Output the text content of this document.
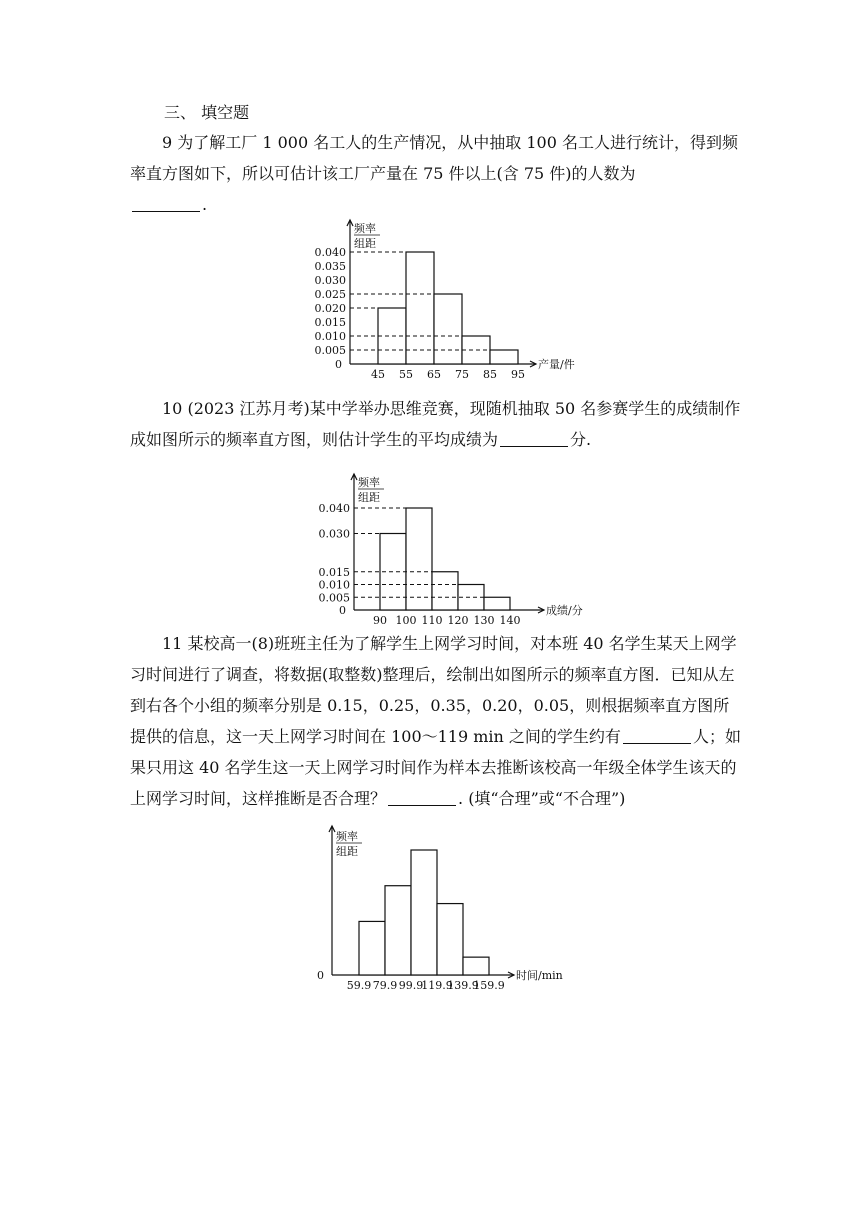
三、 填空题
9 为了解工厂 1 000 名工人的生产情况，从中抽取 100 名工人进行统计，得到频率直方图如下，所以可估计该工厂产量在 75 件以上(含 75 件)的人数为
.
频率
组距
0
0.040
0.035
0.030
0.025
0.020
0.015
0.010
0.005
45 55 65 75 85 95
产量/件
10 (2023 江苏月考)某中学举办思维竞赛，现随机抽取 50 名参赛学生的成绩制作成如图所示的频率直方图，则估计学生的平均成绩为	分.
频率
组距
0
0.040
0.030
0.015
0.010
0.005
90 100 110 120 130 140
成绩/分
11 某校高一(8)班班主任为了解学生上网学习时间，对本班 40 名学生某天上网学习时间进行了调查，将数据(取整数)整理后，绘制出如图所示的频率直方图．已知从左到右各个小组的频率分别是 0.15，0.25，0.35，0.20，0.05，则根据频率直方图所提供的信息，这一天上网学习时间在 100～119 min 之间的学生约有	人；如果只用这 40 名学生这一天上网学习时间作为样本去推断该校高一年级全体学生该天的上网学习时间，这样推断是否合理？	. (填“合理”或“不合理”)
频率
组距
0
59.9 79.9 99.9
119.9
139.9
159.9
时间/min
